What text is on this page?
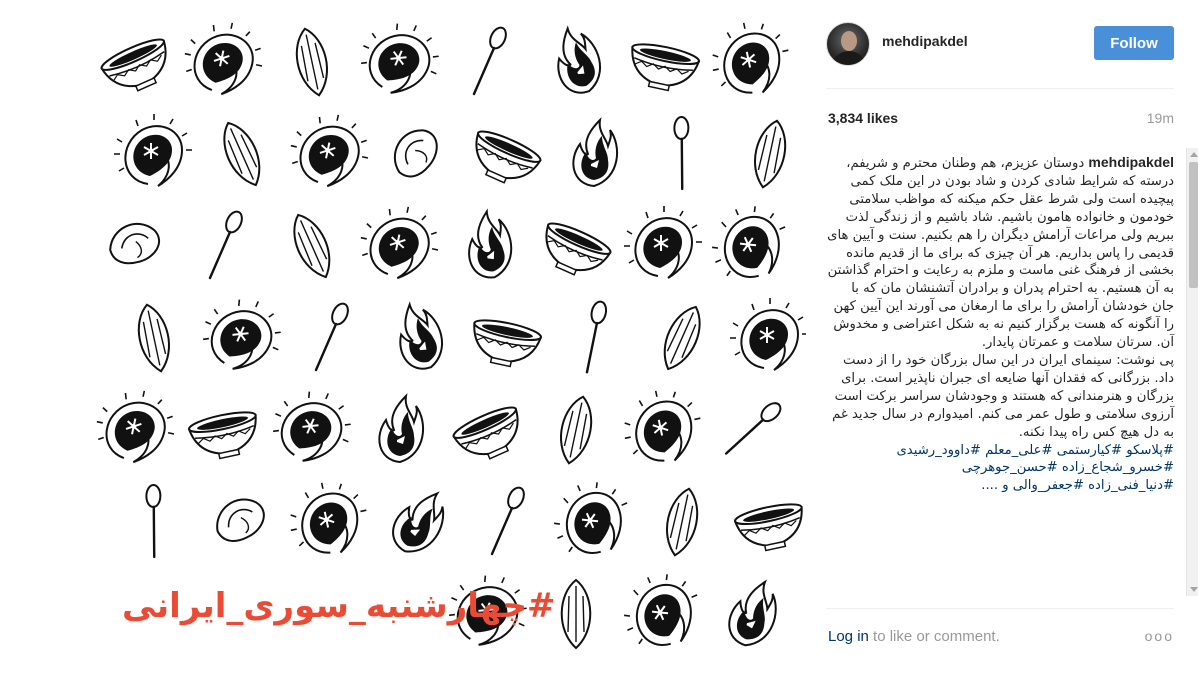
#چهارشنبه_سوری_ایرانی
mehdipakdel	Follow
3,834 likes	19m

mehdipakdel دوستان عزیزم، هم وطنان محترم و شریفم، درسته که شرایط شادی کردن و شاد بودن در این ملک کمی پیچیده است ولی شرط عقل حکم میکنه که مواظب سلامتی خودمون و خانواده هامون باشیم. شاد باشیم و از زندگی لذت ببریم ولی مراعات آرامش دیگران را هم بکنیم. سنت و آیین های قدیمی را پاس بداریم. هر آن چیزی که برای ما از قدیم مانده بخشی از فرهنگ غنی ماست و ملزم به رعایت و احترام گذاشتن به آن هستیم. به احترام پدران و برادران آتشنشان مان که با جان خودشان آرامش را برای ما ارمغان می آورند این آیین کهن را آنگونه که هست برگزار کنیم نه به شکل اعتراضی و مخدوش آن. سرتان سلامت و عمرتان پایدار.

پی نوشت: سینمای ایران در این سال بزرگان خود را از دست داد. بزرگانی که فقدان آنها ضایعه ای جبران ناپذیر است. برای بزرگان و هنرمندانی که هستند و وجودشان سراسر برکت است آرزوی سلامتی و طول عمر می کنم. امیدوارم در سال جدید غم به دل هیچ کس راه پیدا نکنه.

#پلاسکو #کیارستمی #علی_معلم #داوود_رشیدی

#خسرو_شجاع_زاده #حسن_جوهرچی

#دنیا_فنی_زاده #جعفر_والی و ....

Log in to like or comment.	ooo
